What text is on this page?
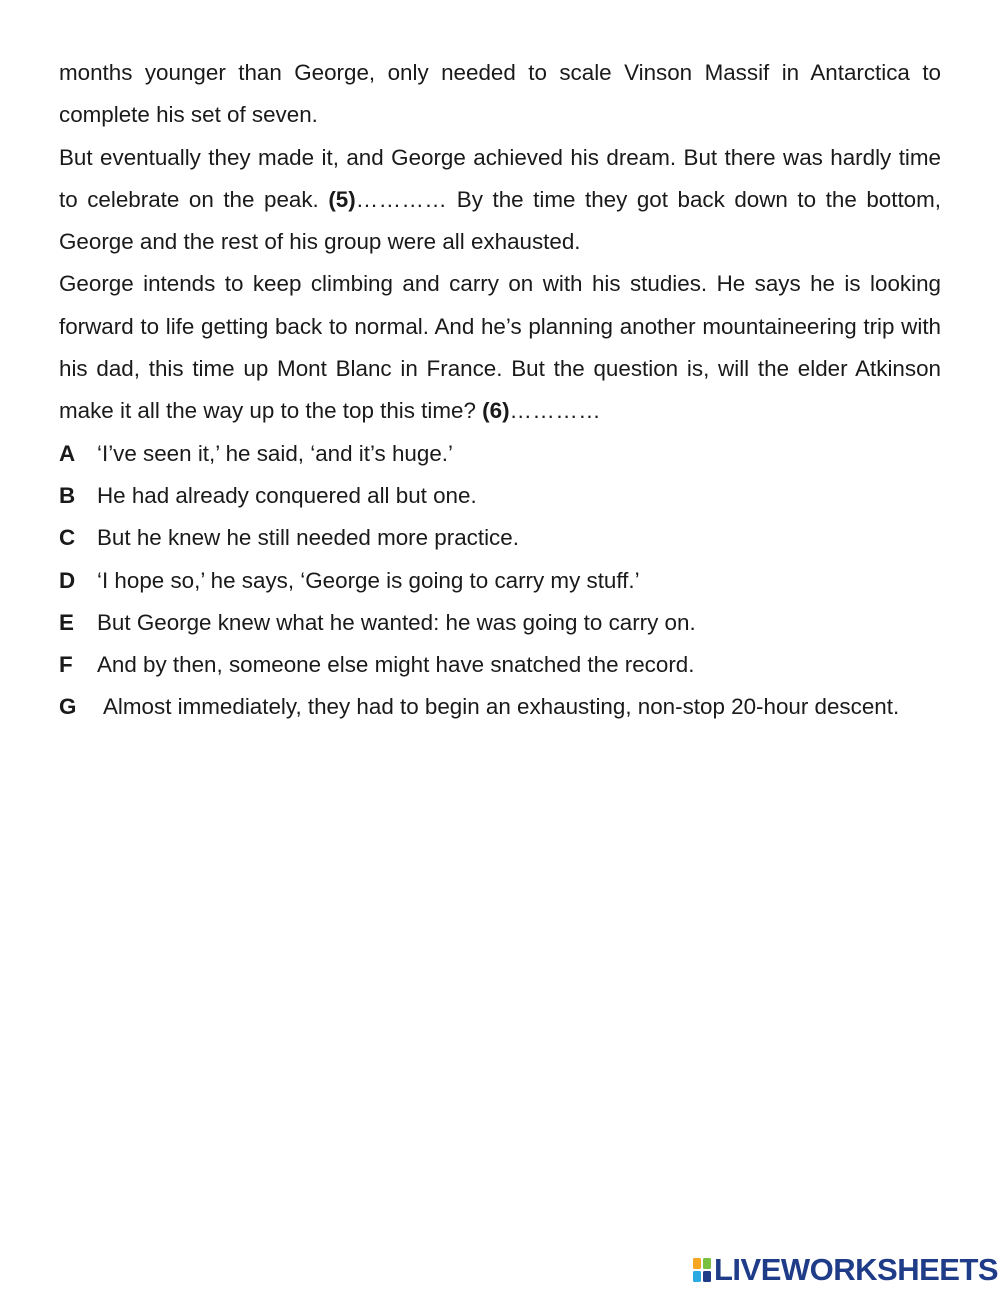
months younger than George, only needed to scale Vinson Massif in Antarctica to complete his set of seven.

But eventually they made it, and George achieved his dream. But there was hardly time to celebrate on the peak. (5)………… By the time they got back down to the bottom, George and the rest of his group were all exhausted.

George intends to keep climbing and carry on with his studies. He says he is looking forward to life getting back to normal. And he’s planning another mountaineering trip with his dad, this time up Mont Blanc in France. But the question is, will the elder Atkinson make it all the way up to the top this time? (6)…………

A ‘I’ve seen it,’ he said, ‘and it’s huge.’

B He had already conquered all but one.

C But he knew he still needed more practice.

D ‘I hope so,’ he says, ‘George is going to carry my stuff.’

E But George knew what he wanted: he was going to carry on.

F And by then, someone else might have snatched the record.

G Almost immediately, they had to begin an exhausting, non-stop 20-hour descent.

LIVEWORKSHEETS
